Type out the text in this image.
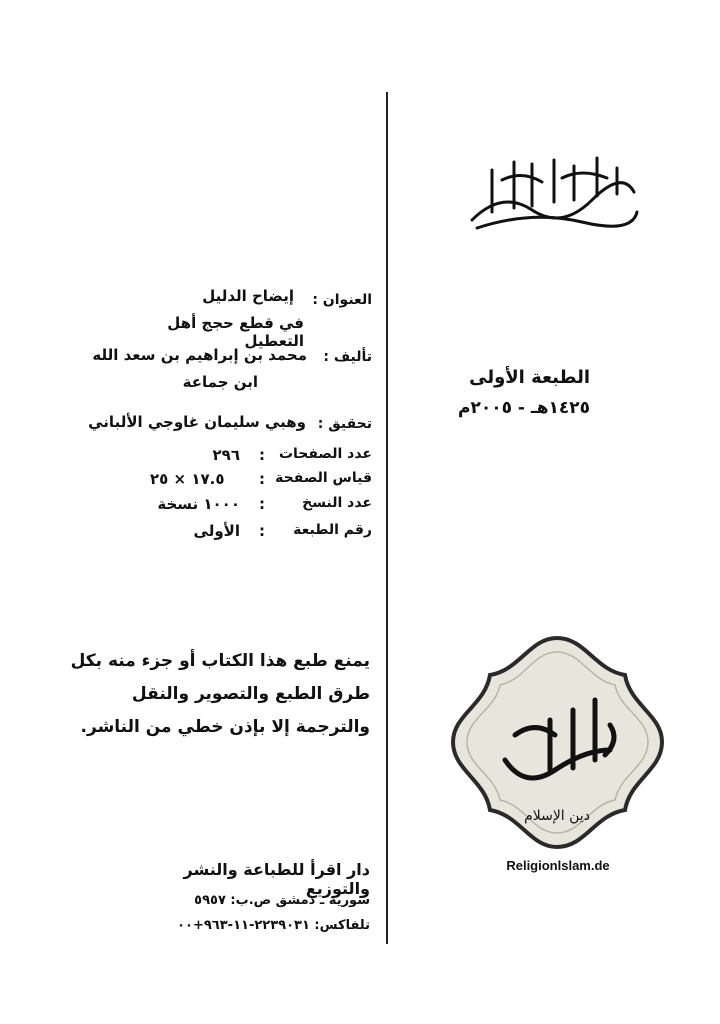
الطبعة الأولى
١٤٢٥هـ - ٢٠٠٥م
دين الإسلام
Religionlslam.de
العنوان :
إيضاح الدليل
في قطع حجج أهل التعطيل
تأليف :
محمد بن إبراهيم بن سعد الله
ابن جماعة
تحقيق :
وهبي سليمان غاوجي الألباني
عدد الصفحات
:
٢٩٦
قياس الصفحة
:
١٧.٥ × ٢٥
عدد النسخ
:
١٠٠٠ نسخة
رقم الطبعة
:
الأولى
يمنع طبع هذا الكتاب أو جزء منه بكل
طرق الطبع والتصوير والنقل
والترجمة إلا بإذن خطي من الناشر.
دار اقرأ للطباعة والنشر والتوزيع
سورية ـ دمشق ص.ب: ٥٩٥٧
تلفاكس: ٢٢٣٩٠٣١-١١-٩٦٣+٠٠
